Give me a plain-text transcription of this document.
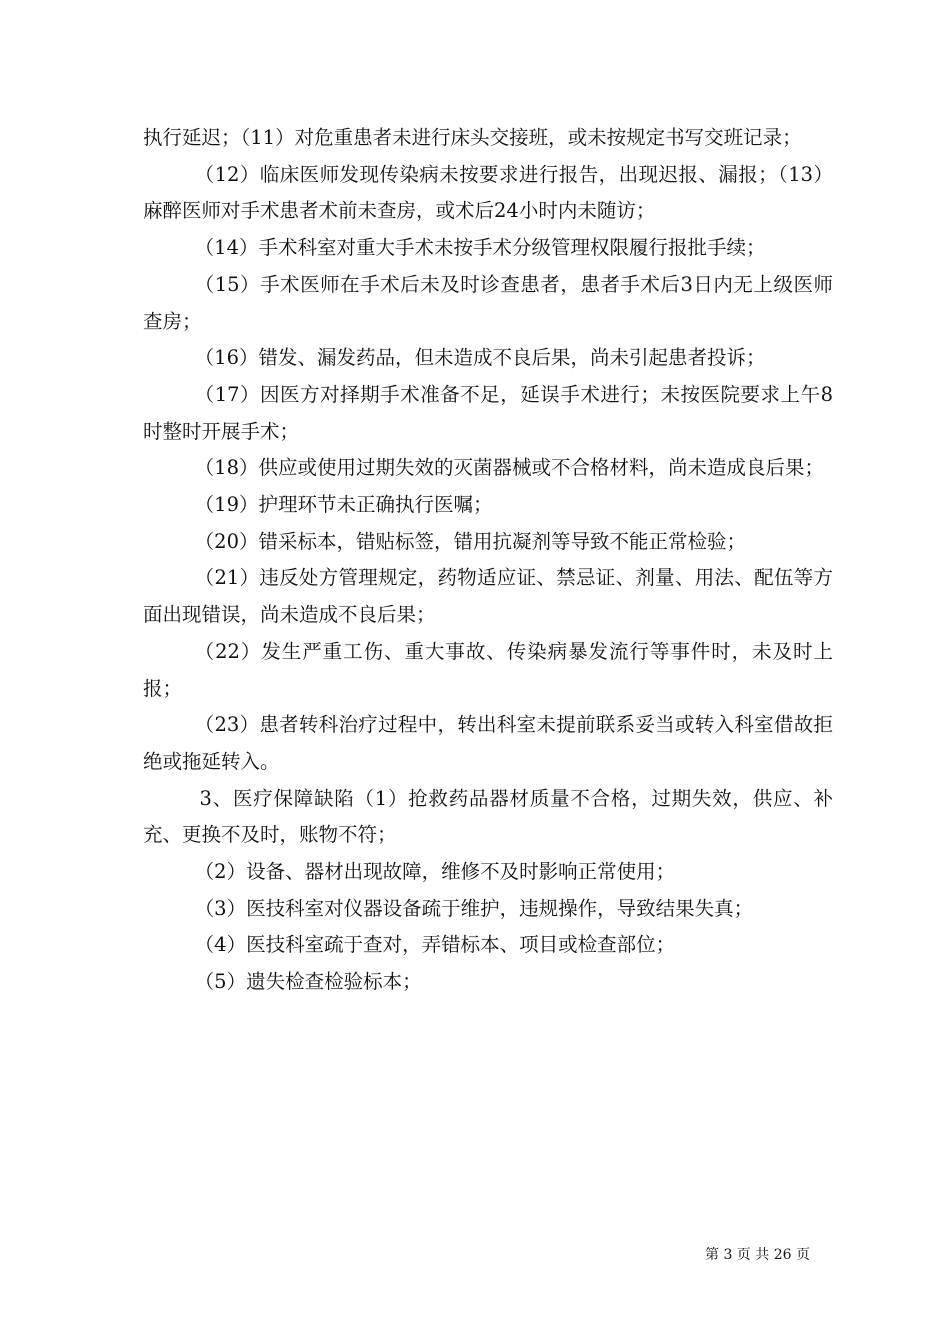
执行延迟；（11）对危重患者未进行床头交接班，或未按规定书写交班记录；

（12）临床医师发现传染病未按要求进行报告，出现迟报、漏报；（13）麻醉医师对手术患者术前未查房，或术后24小时内未随访；

（14）手术科室对重大手术未按手术分级管理权限履行报批手续；

（15）手术医师在手术后未及时诊查患者，患者手术后3日内无上级医师查房；

（16）错发、漏发药品，但未造成不良后果，尚未引起患者投诉；

（17）因医方对择期手术准备不足，延误手术进行；未按医院要求上午8时整时开展手术；

（18）供应或使用过期失效的灭菌器械或不合格材料，尚未造成良后果；

（19）护理环节未正确执行医嘱；

（20）错采标本，错贴标签，错用抗凝剂等导致不能正常检验；

（21）违反处方管理规定，药物适应证、禁忌证、剂量、用法、配伍等方面出现错误，尚未造成不良后果；

（22）发生严重工伤、重大事故、传染病暴发流行等事件时，未及时上报；

（23）患者转科治疗过程中，转出科室未提前联系妥当或转入科室借故拒绝或拖延转入。

3、医疗保障缺陷（1）抢救药品器材质量不合格，过期失效，供应、补充、更换不及时，账物不符；

（2）设备、器材出现故障，维修不及时影响正常使用；

（3）医技科室对仪器设备疏于维护，违规操作，导致结果失真；

（4）医技科室疏于查对，弄错标本、项目或检查部位；

（5）遗失检查检验标本；

第 3 页 共 26 页
